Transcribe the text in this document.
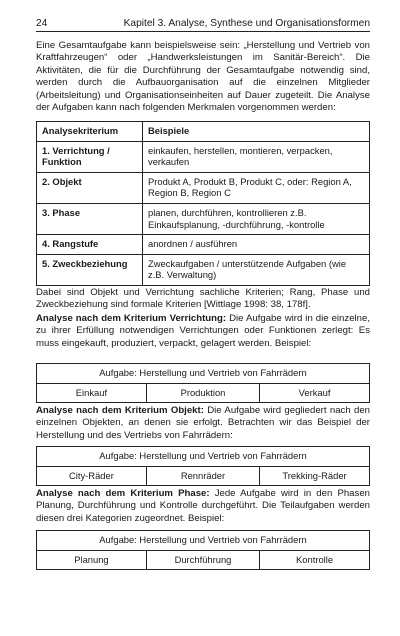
24	Kapitel 3. Analyse, Synthese und Organisationsformen

Eine Gesamtaufgabe kann beispielsweise sein: „Herstellung und Vertrieb von Kraftfahrzeugen“ oder „Handwerksleistungen im Sanitär-Bereich“. Die Aktivitäten, die für die Durchführung der Gesamtaufgabe notwendig sind, werden durch die Aufbauorganisation auf die einzelnen Mitglieder (Arbeitsleitung) und Organisationseinheiten auf Dauer zugeteilt. Die Analyse der Aufgaben kann nach folgenden Merkmalen vorgenommen werden:

Analysekriterium	Beispiele
1. Verrichtung / Funktion	einkaufen, herstellen, montieren, verpacken, verkaufen
2. Objekt	Produkt A, Produkt B, Produkt C, oder: Region A, Region B, Region C
3. Phase	planen, durchführen, kontrollieren z.B. Einkaufsplanung, -durchführung, -kontrolle
4. Rangstufe	anordnen / ausführen
5. Zweckbeziehung	Zweckaufgaben / unterstützende Aufgaben (wie z.B. Verwaltung)

Dabei sind Objekt und Verrichtung sachliche Kriterien; Rang, Phase und Zweckbeziehung sind formale Kriterien [Wittlage 1998: 38, 178f].

Analyse nach dem Kriterium Verrichtung: Die Aufgabe wird in die einzelne, zu ihrer Erfüllung notwendigen Verrichtungen oder Funktionen zerlegt: Es muss eingekauft, produziert, verpackt, gelagert werden. Beispiel:

Aufgabe: Herstellung und Vertrieb von Fahrrädern
Einkauf	Produktion	Verkauf

Analyse nach dem Kriterium Objekt: Die Aufgabe wird gegliedert nach den einzelnen Objekten, an denen sie erfolgt. Betrachten wir das Beispiel der Herstellung und des Vertriebs von Fahrrädern:

Aufgabe: Herstellung und Vertrieb von Fahrrädern
City-Räder	Rennräder	Trekking-Räder

Analyse nach dem Kriterium Phase: Jede Aufgabe wird in den Phasen Planung, Durchführung und Kontrolle durchgeführt. Die Teilaufgaben werden diesen drei Kategorien zugeordnet. Beispiel:

Aufgabe: Herstellung und Vertrieb von Fahrrädern
Planung	Durchführung	Kontrolle
